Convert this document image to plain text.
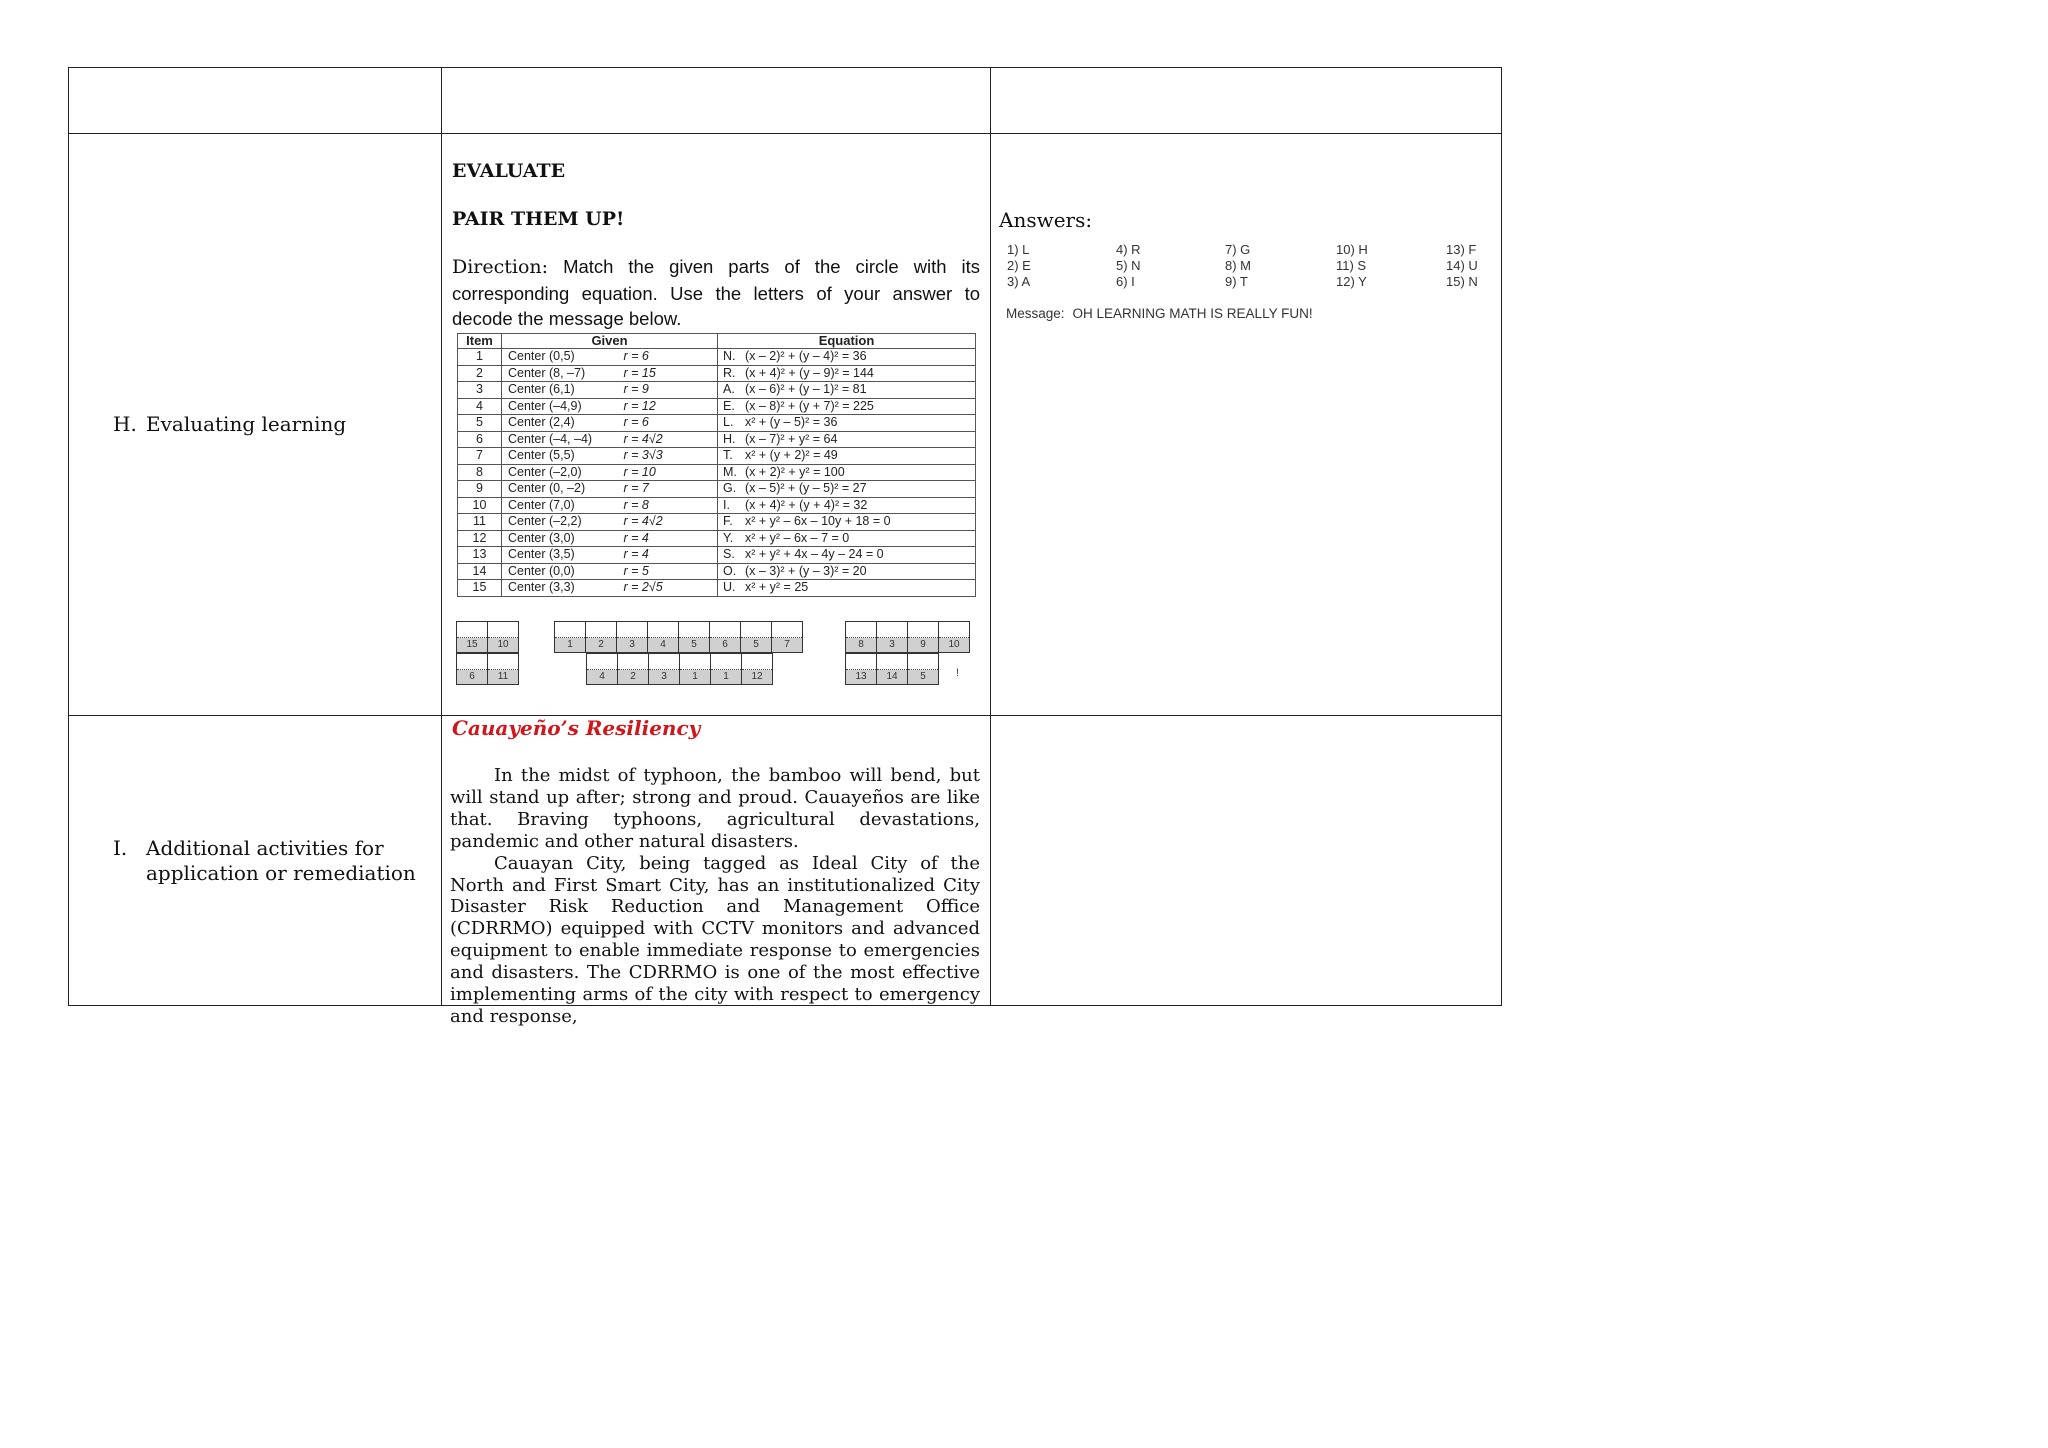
H. Evaluating learning
I. Additional activities for
application or remediation
EVALUATE
PAIR THEM UP!
Direction: Match the given parts of the circle with its corresponding equation. Use the letters of your answer to decode the message below.
Item	Given		Equation
1	Center (0,5)	r = 6	N. (x – 2)² + (y – 4)² = 36
2	Center (8, –7)	r = 15	R. (x + 4)² + (y – 9)² = 144
3	Center (6,1)	r = 9	A. (x – 6)² + (y – 1)² = 81
4	Center (–4,9)	r = 12	E. (x – 8)² + (y + 7)² = 225
5	Center (2,4)	r = 6	L. x² + (y – 5)² = 36
6	Center (–4, –4)	r = 4√2	H. (x – 7)² + y² = 64
7	Center (5,5)	r = 3√3	T. x² + (y + 2)² = 49
8	Center (–2,0)	r = 10	M. (x + 2)² + y² = 100
9	Center (0, –2)	r = 7	G. (x – 5)² + (y – 5)² = 27
10	Center (7,0)	r = 8	I. (x + 4)² + (y + 4)² = 32
11	Center (–2,2)	r = 4√2	F. x² + y² – 6x – 10y + 18 = 0
12	Center (3,0)	r = 4	Y. x² + y² – 6x – 7 = 0
13	Center (3,5)	r = 4	S. x² + y² + 4x – 4y – 24 = 0
14	Center (0,0)	r = 5	O. (x – 3)² + (y – 3)² = 20
15	Center (3,3)	r = 2√5	U. x² + y² = 25
15	10	1	2	3	4	5	6	5	7	8	3	9	10
6	11	4	2	3	1	1	12	13	14	5	!
Answers:
1) L
2) E
3) A
4) R
5) N
6) I
7) G
8) M
9) T
10) H
11) S
12) Y
13) F
14) U
15) N
Message: OH LEARNING MATH IS REALLY FUN!
Cauayeño’s Resiliency

In the midst of typhoon, the bamboo will bend, but will stand up after; strong and proud. Cauayeños are like that. Braving typhoons, agricultural devastations, pandemic and other natural disasters.

Cauayan City, being tagged as Ideal City of the North and First Smart City, has an institutionalized City Disaster Risk Reduction and Management Office (CDRRMO) equipped with CCTV monitors and advanced equipment to enable immediate response to emergencies and disasters. The CDRRMO is one of the most effective implementing arms of the city with respect to emergency and response,
